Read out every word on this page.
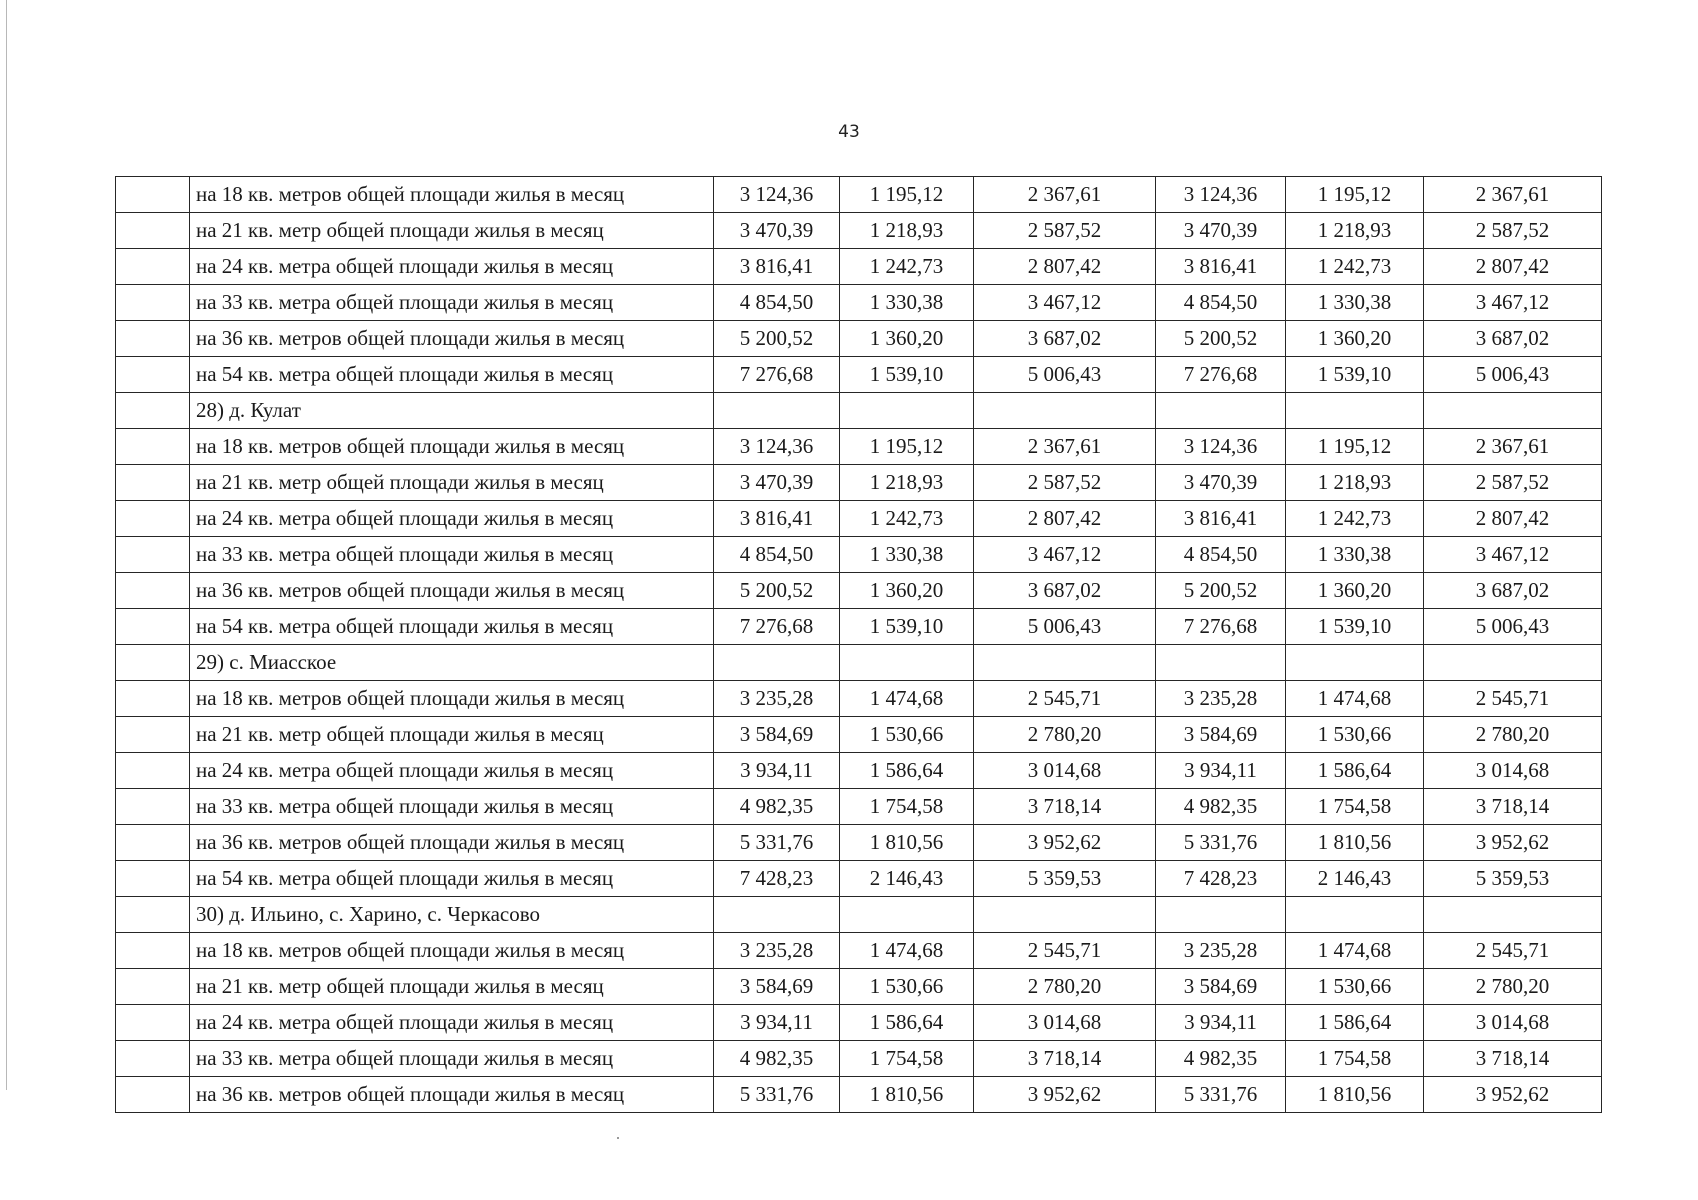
43
	на 18 кв. метров общей площади жилья в месяц	3 124,36	1 195,12	2 367,61	3 124,36	1 195,12	2 367,61
	на 21 кв. метр общей площади жилья в месяц	3 470,39	1 218,93	2 587,52	3 470,39	1 218,93	2 587,52
	на 24 кв. метра общей площади жилья в месяц	3 816,41	1 242,73	2 807,42	3 816,41	1 242,73	2 807,42
	на 33 кв. метра общей площади жилья в месяц	4 854,50	1 330,38	3 467,12	4 854,50	1 330,38	3 467,12
	на 36 кв. метров общей площади жилья в месяц	5 200,52	1 360,20	3 687,02	5 200,52	1 360,20	3 687,02
	на 54 кв. метра общей площади жилья в месяц	7 276,68	1 539,10	5 006,43	7 276,68	1 539,10	5 006,43
	28) д. Кулат						
	на 18 кв. метров общей площади жилья в месяц	3 124,36	1 195,12	2 367,61	3 124,36	1 195,12	2 367,61
	на 21 кв. метр общей площади жилья в месяц	3 470,39	1 218,93	2 587,52	3 470,39	1 218,93	2 587,52
	на 24 кв. метра общей площади жилья в месяц	3 816,41	1 242,73	2 807,42	3 816,41	1 242,73	2 807,42
	на 33 кв. метра общей площади жилья в месяц	4 854,50	1 330,38	3 467,12	4 854,50	1 330,38	3 467,12
	на 36 кв. метров общей площади жилья в месяц	5 200,52	1 360,20	3 687,02	5 200,52	1 360,20	3 687,02
	на 54 кв. метра общей площади жилья в месяц	7 276,68	1 539,10	5 006,43	7 276,68	1 539,10	5 006,43
	29) с. Миасское						
	на 18 кв. метров общей площади жилья в месяц	3 235,28	1 474,68	2 545,71	3 235,28	1 474,68	2 545,71
	на 21 кв. метр общей площади жилья в месяц	3 584,69	1 530,66	2 780,20	3 584,69	1 530,66	2 780,20
	на 24 кв. метра общей площади жилья в месяц	3 934,11	1 586,64	3 014,68	3 934,11	1 586,64	3 014,68
	на 33 кв. метра общей площади жилья в месяц	4 982,35	1 754,58	3 718,14	4 982,35	1 754,58	3 718,14
	на 36 кв. метров общей площади жилья в месяц	5 331,76	1 810,56	3 952,62	5 331,76	1 810,56	3 952,62
	на 54 кв. метра общей площади жилья в месяц	7 428,23	2 146,43	5 359,53	7 428,23	2 146,43	5 359,53
	30) д. Ильино, с. Харино, с. Черкасово						
	на 18 кв. метров общей площади жилья в месяц	3 235,28	1 474,68	2 545,71	3 235,28	1 474,68	2 545,71
	на 21 кв. метр общей площади жилья в месяц	3 584,69	1 530,66	2 780,20	3 584,69	1 530,66	2 780,20
	на 24 кв. метра общей площади жилья в месяц	3 934,11	1 586,64	3 014,68	3 934,11	1 586,64	3 014,68
	на 33 кв. метра общей площади жилья в месяц	4 982,35	1 754,58	3 718,14	4 982,35	1 754,58	3 718,14
	на 36 кв. метров общей площади жилья в месяц	5 331,76	1 810,56	3 952,62	5 331,76	1 810,56	3 952,62
